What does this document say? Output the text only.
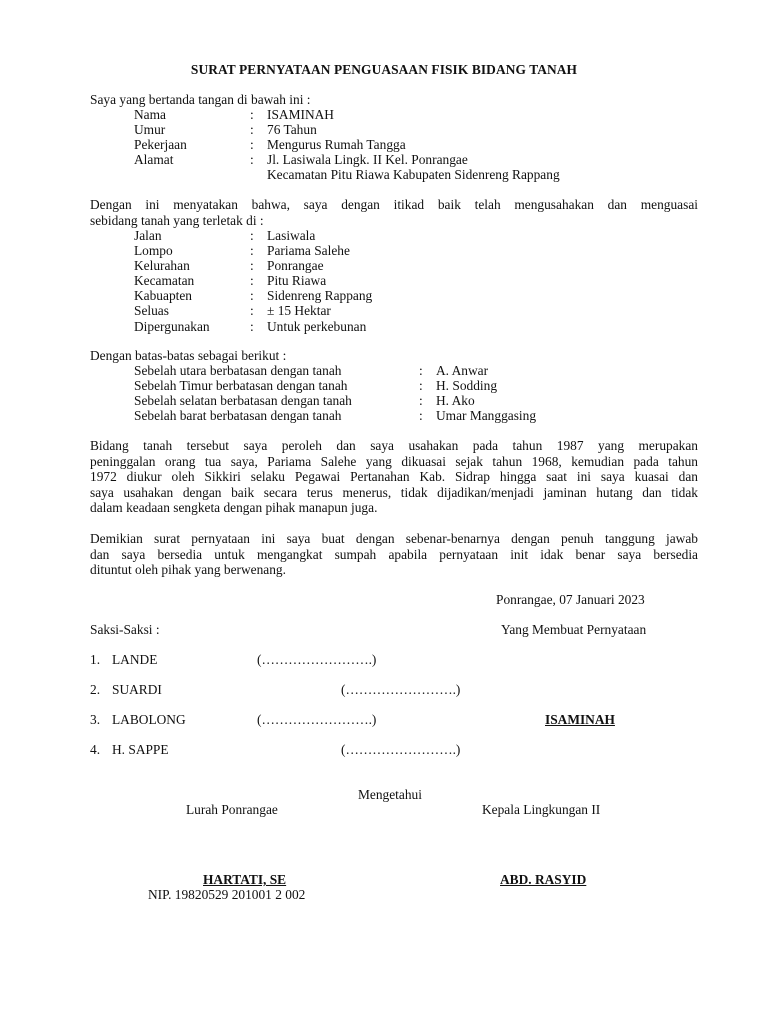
SURAT PERNYATAAN PENGUASAAN FISIK BIDANG TANAH
Saya yang bertanda tangan di bawah ini :
Nama	: ISAMINAH
Umur	: 76 Tahun
Pekerjaan	: Mengurus Rumah Tangga
Alamat	: Jl. Lasiwala Lingk. II Kel. Ponrangae
Kecamatan Pitu Riawa Kabupaten Sidenreng Rappang
Dengan ini menyatakan bahwa, saya dengan itikad baik telah mengusahakan dan menguasai
sebidang tanah yang terletak di :
Jalan	: Lasiwala
Lompo	: Pariama Salehe
Kelurahan	: Ponrangae
Kecamatan	: Pitu Riawa
Kabuapten	: Sidenreng Rappang
Seluas	: ± 15 Hektar
Dipergunakan	: Untuk perkebunan
Dengan batas-batas sebagai berikut :
Sebelah utara berbatasan dengan tanah	: A. Anwar
Sebelah Timur berbatasan dengan tanah	: H. Sodding
Sebelah selatan berbatasan dengan tanah	: H. Ako
Sebelah barat berbatasan dengan tanah	: Umar Manggasing
Bidang tanah tersebut saya peroleh dan saya usahakan pada tahun 1987 yang merupakan
peninggalan orang tua saya, Pariama Salehe yang dikuasai sejak tahun 1968, kemudian pada tahun
1972 diukur oleh Sikkiri selaku Pegawai Pertanahan Kab. Sidrap hingga saat ini saya kuasai dan
saya usahakan dengan baik secara terus menerus, tidak dijadikan/menjadi jaminan hutang dan tidak
dalam keadaan sengketa dengan pihak manapun juga.
Demikian surat pernyataan ini saya buat dengan sebenar-benarnya dengan penuh tanggung jawab
dan saya bersedia untuk mengangkat sumpah apabila pernyataan init idak benar saya bersedia
dituntut oleh pihak yang berwenang.
Ponrangae, 07 Januari 2023
Saksi-Saksi :	Yang Membuat Pernyataan
1. LANDE	(…………………….)
2. SUARDI	(…………………….)
3. LABOLONG	(…………………….)
4. H. SAPPE	(…………………….)
ISAMINAH
Mengetahui
Lurah Ponrangae	Kepala Lingkungan II
HARTATI, SE
NIP. 19820529 201001 2 002
ABD. RASYID
